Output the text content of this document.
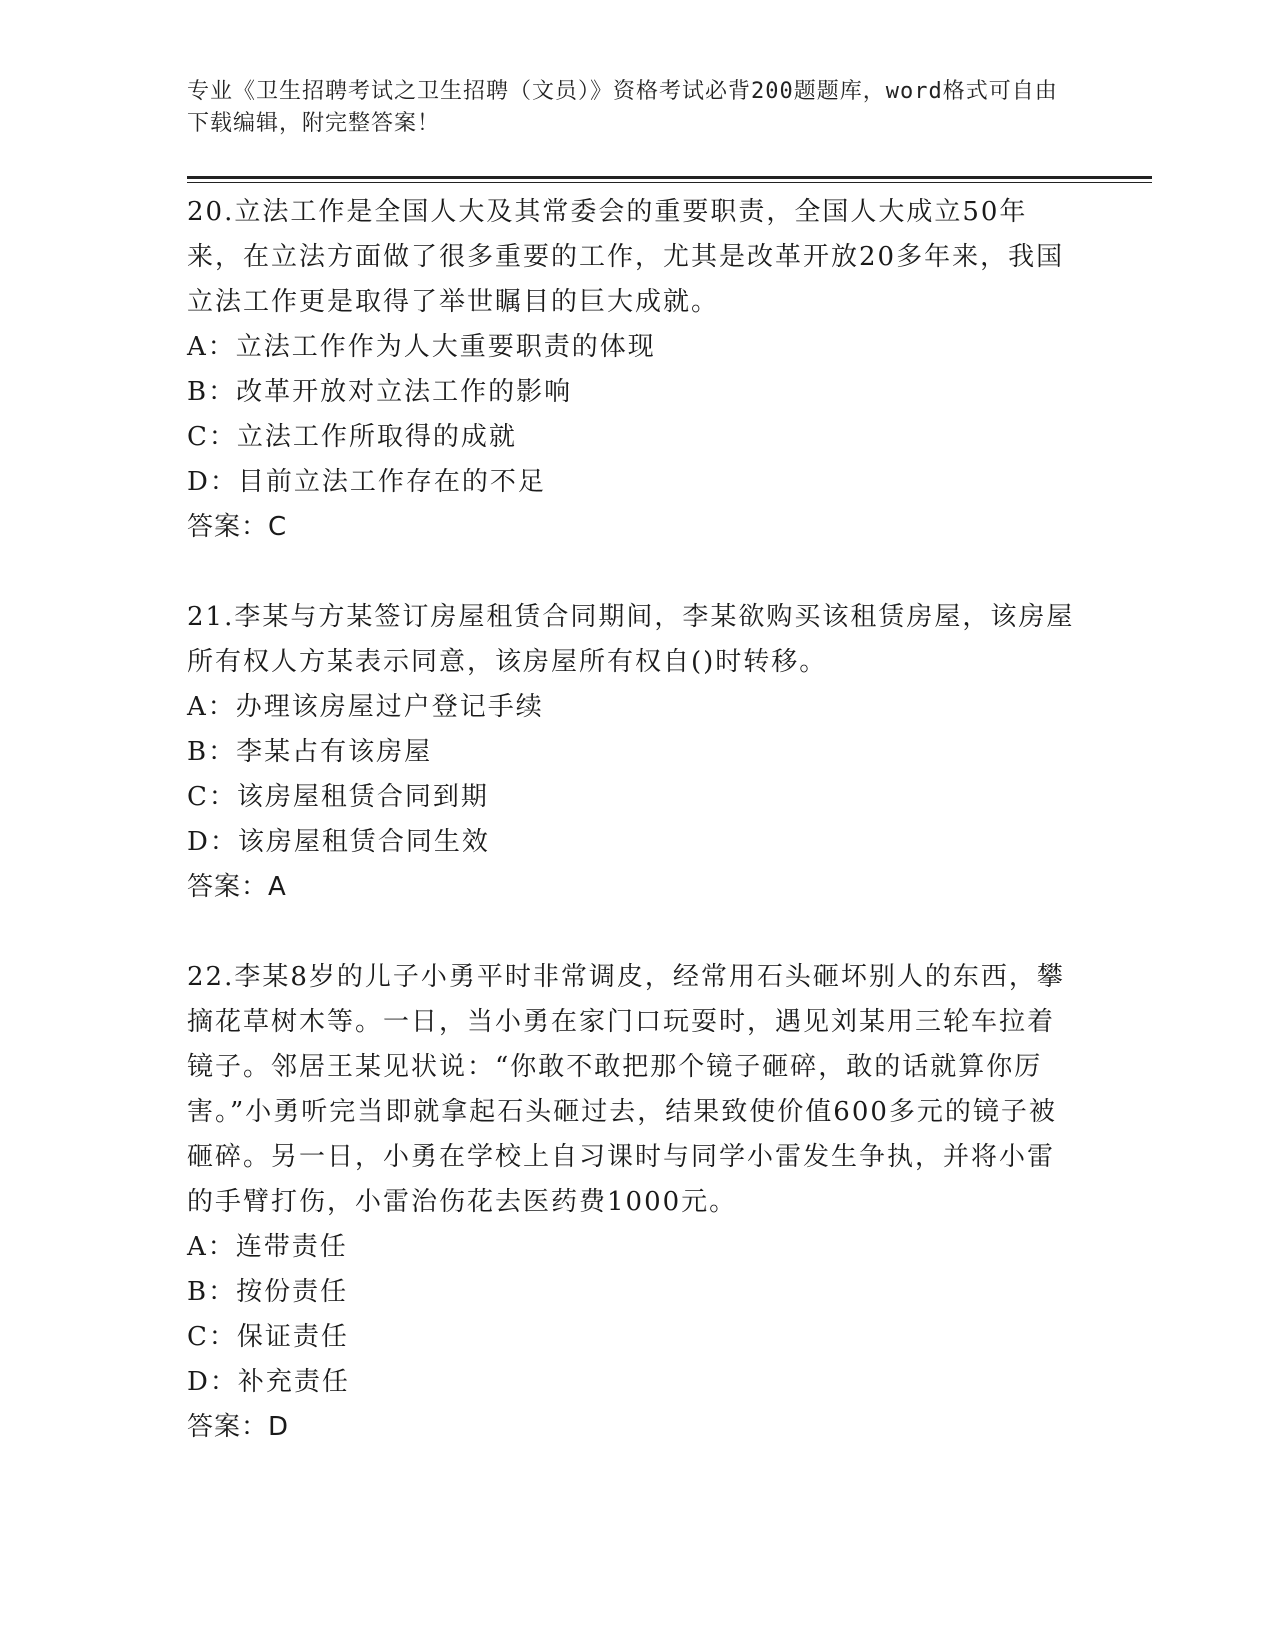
专业《卫生招聘考试之卫生招聘（文员）》资格考试必背200题题库，word格式可自由下载编辑，附完整答案！

20.立法工作是全国人大及其常委会的重要职责，全国人大成立50年来，在立法方面做了很多重要的工作，尤其是改革开放20多年来，我国立法工作更是取得了举世瞩目的巨大成就。

A：立法工作作为人大重要职责的体现

B：改革开放对立法工作的影响

C：立法工作所取得的成就

D：目前立法工作存在的不足

答案：C

21.李某与方某签订房屋租赁合同期间，李某欲购买该租赁房屋，该房屋所有权人方某表示同意，该房屋所有权自()时转移。

A：办理该房屋过户登记手续

B：李某占有该房屋

C：该房屋租赁合同到期

D：该房屋租赁合同生效

答案：A

22.李某8岁的儿子小勇平时非常调皮，经常用石头砸坏别人的东西，攀摘花草树木等。一日，当小勇在家门口玩耍时，遇见刘某用三轮车拉着镜子。邻居王某见状说：“你敢不敢把那个镜子砸碎，敢的话就算你厉害。”小勇听完当即就拿起石头砸过去，结果致使价值600多元的镜子被砸碎。另一日，小勇在学校上自习课时与同学小雷发生争执，并将小雷的手臂打伤，小雷治伤花去医药费1000元。

A：连带责任

B：按份责任

C：保证责任

D：补充责任

答案：D
